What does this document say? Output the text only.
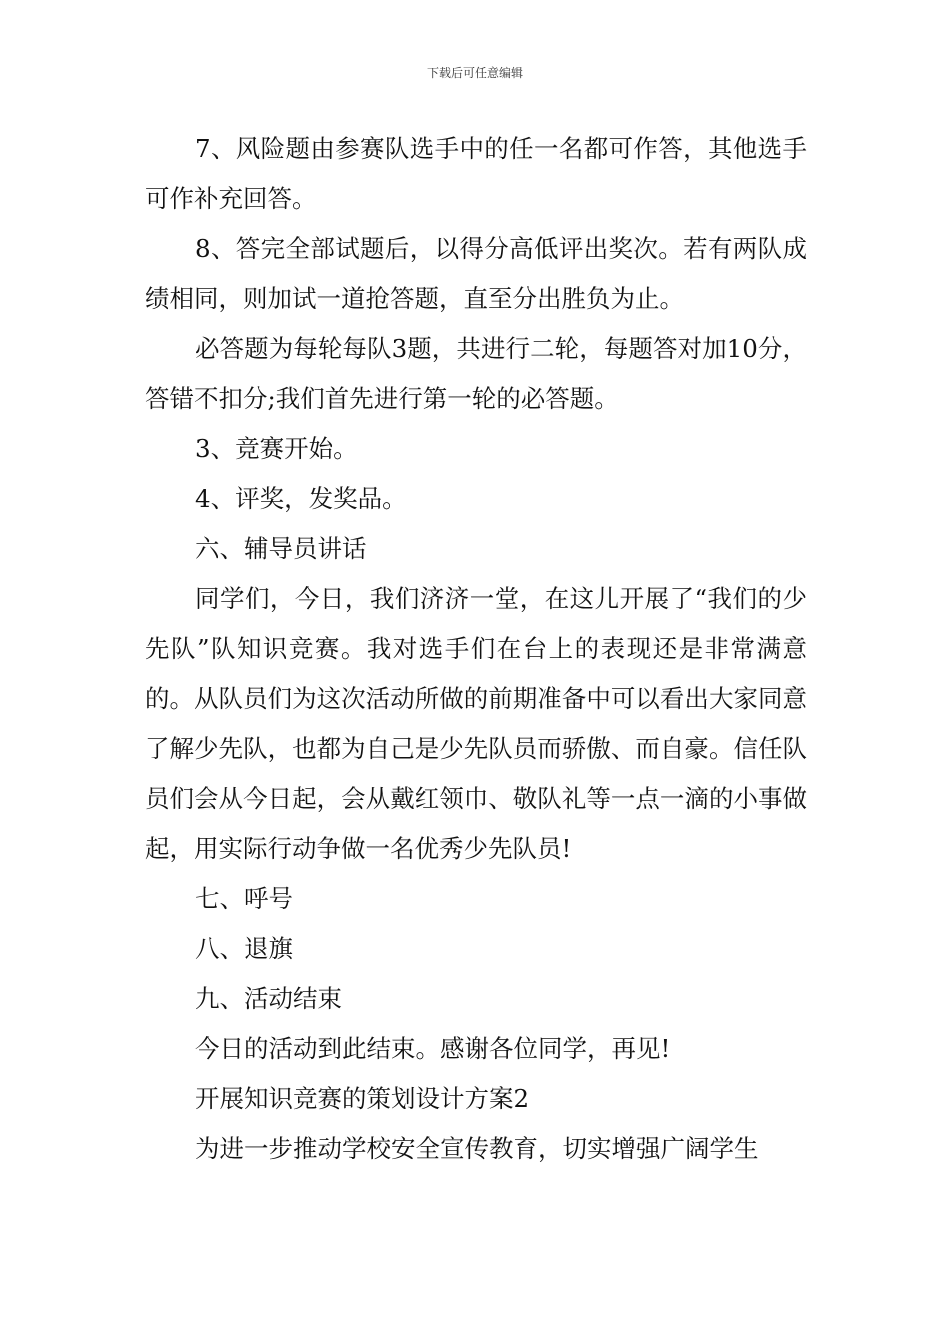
下载后可任意编辑

7、风险题由参赛队选手中的任一名都可作答，其他选手可作补充回答。

8、答完全部试题后，以得分高低评出奖次。若有两队成绩相同，则加试一道抢答题，直至分出胜负为止。

必答题为每轮每队3题，共进行二轮，每题答对加10分，答错不扣分;我们首先进行第一轮的必答题。

3、竞赛开始。

4、评奖，发奖品。

六、辅导员讲话

同学们，今日，我们济济一堂，在这儿开展了“我们的少先队”队知识竞赛。我对选手们在台上的表现还是非常满意的。从队员们为这次活动所做的前期准备中可以看出大家同意了解少先队，也都为自己是少先队员而骄傲、而自豪。信任队员们会从今日起，会从戴红领巾、敬队礼等一点一滴的小事做起，用实际行动争做一名优秀少先队员!

七、呼号

八、退旗

九、活动结束

今日的活动到此结束。感谢各位同学，再见!

开展知识竞赛的策划设计方案2

为进一步推动学校安全宣传教育，切实增强广阔学生
